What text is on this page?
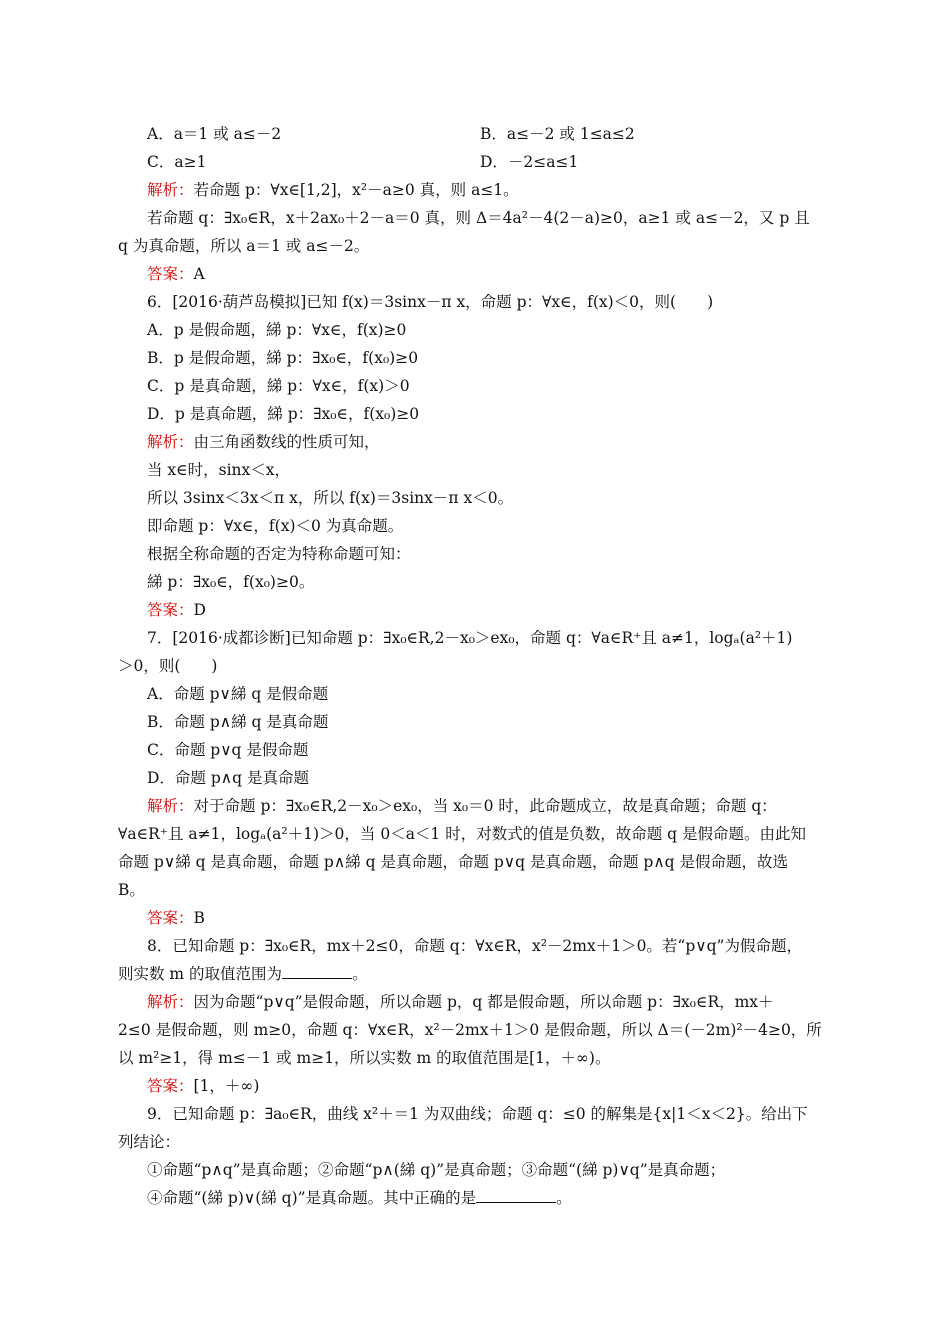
A．a＝1 或 a≤－2	B．a≤－2 或 1≤a≤2
C．a≥1	D．－2≤a≤1
解析：若命题 p：∀x∈[1,2]，x²－a≥0 真，则 a≤1。
若命题 q：∃x₀∈R，x＋2ax₀＋2－a＝0 真，则 Δ＝4a²－4(2－a)≥0，a≥1 或 a≤－2，又 p 且
q 为真命题，所以 a＝1 或 a≤－2。
答案：A
6．[2016·葫芦岛模拟]已知 f(x)＝3sinx－π x，命题 p：∀x∈，f(x)＜0，则(　　)
A．p 是假命题，綈 p：∀x∈，f(x)≥0
B．p 是假命题，綈 p：∃x₀∈，f(x₀)≥0
C．p 是真命题，綈 p：∀x∈，f(x)＞0
D．p 是真命题，綈 p：∃x₀∈，f(x₀)≥0
解析：由三角函数线的性质可知，
当 x∈时，sinx＜x，
所以 3sinx＜3x＜π x，所以 f(x)＝3sinx－π x＜0。
即命题 p：∀x∈，f(x)＜0 为真命题。
根据全称命题的否定为特称命题可知：
綈 p：∃x₀∈，f(x₀)≥0。
答案：D
7．[2016·成都诊断]已知命题 p：∃x₀∈R,2－x₀＞ex₀，命题 q：∀a∈R⁺且 a≠1，logₐ(a²＋1)
＞0，则(　　)
A．命题 p∨綈 q 是假命题
B．命题 p∧綈 q 是真命题
C．命题 p∨q 是假命题
D．命题 p∧q 是真命题
解析：对于命题 p：∃x₀∈R,2－x₀＞ex₀，当 x₀＝0 时，此命题成立，故是真命题；命题 q：
∀a∈R⁺且 a≠1，logₐ(a²＋1)＞0，当 0＜a＜1 时，对数式的值是负数，故命题 q 是假命题。由此知
命题 p∨綈 q 是真命题，命题 p∧綈 q 是真命题，命题 p∨q 是真命题，命题 p∧q 是假命题，故选
B。
答案：B
8．已知命题 p：∃x₀∈R，mx＋2≤0，命题 q：∀x∈R，x²－2mx＋1＞0。若“p∨q”为假命题，
则实数 m 的取值范围为	。
解析：因为命题“p∨q”是假命题，所以命题 p，q 都是假命题，所以命题 p：∃x₀∈R，mx＋
2≤0 是假命题，则 m≥0，命题 q：∀x∈R，x²－2mx＋1＞0 是假命题，所以 Δ＝(－2m)²－4≥0，所
以 m²≥1，得 m≤－1 或 m≥1，所以实数 m 的取值范围是[1，＋∞)。
答案：[1，＋∞)
9．已知命题 p：∃a₀∈R，曲线 x²＋＝1 为双曲线；命题 q：≤0 的解集是{x|1＜x＜2}。给出下
列结论：
①命题“p∧q”是真命题；②命题“p∧(綈 q)”是真命题；③命题“(綈 p)∨q”是真命题；
④命题“(綈 p)∨(綈 q)”是真命题。其中正确的是	。
